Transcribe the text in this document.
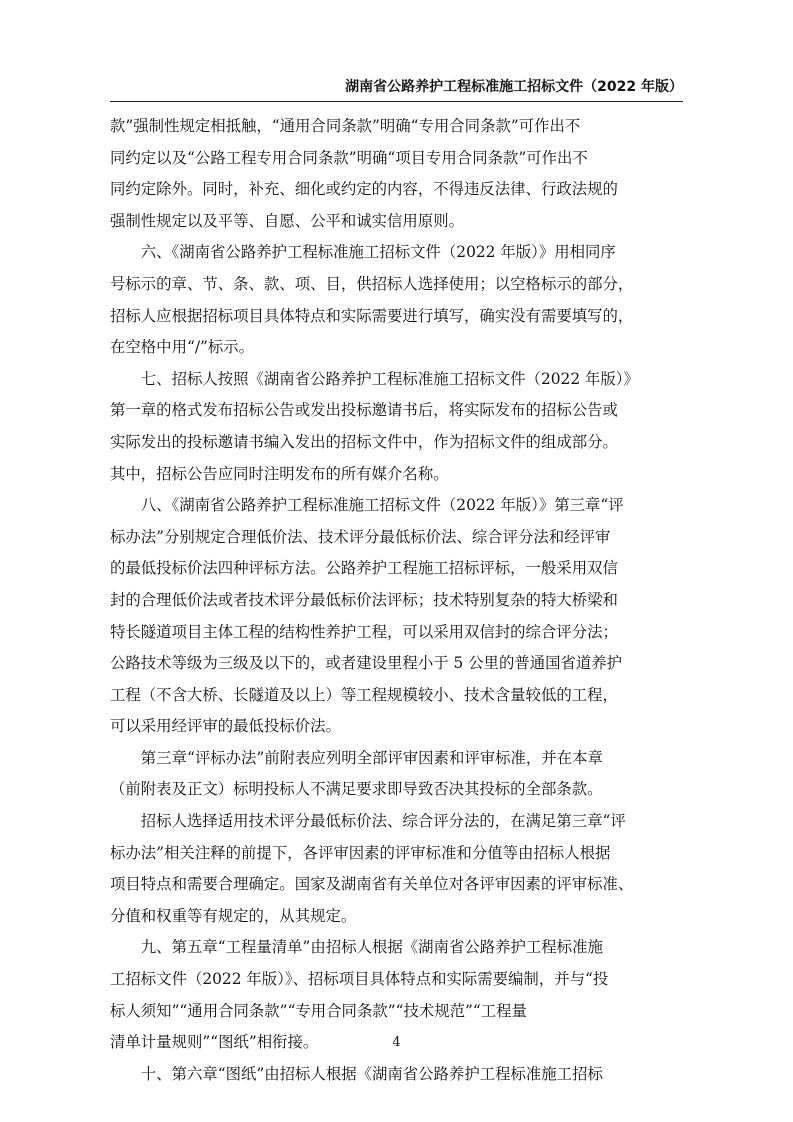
湖南省公路养护工程标准施工招标文件（2022 年版）

款”强制性规定相抵触，“通用合同条款”明确“专用合同条款”可作出不

同约定以及“公路工程专用合同条款”明确“项目专用合同条款”可作出不

同约定除外。同时，补充、细化或约定的内容，不得违反法律、行政法规的

强制性规定以及平等、自愿、公平和诚实信用原则。

　　六、《湖南省公路养护工程标准施工招标文件（2022 年版）》用相同序

号标示的章、节、条、款、项、目，供招标人选择使用；以空格标示的部分，

招标人应根据招标项目具体特点和实际需要进行填写，确实没有需要填写的，

在空格中用“/”标示。

　　七、招标人按照《湖南省公路养护工程标准施工招标文件（2022 年版）》

第一章的格式发布招标公告或发出投标邀请书后，将实际发布的招标公告或

实际发出的投标邀请书编入发出的招标文件中，作为招标文件的组成部分。

其中，招标公告应同时注明发布的所有媒介名称。

　　八、《湖南省公路养护工程标准施工招标文件（2022 年版）》第三章“评

标办法”分别规定合理低价法、技术评分最低标价法、综合评分法和经评审

的最低投标价法四种评标方法。公路养护工程施工招标评标，一般采用双信

封的合理低价法或者技术评分最低标价法评标；技术特别复杂的特大桥梁和

特长隧道项目主体工程的结构性养护工程，可以采用双信封的综合评分法；

公路技术等级为三级及以下的，或者建设里程小于 5 公里的普通国省道养护

工程（不含大桥、长隧道及以上）等工程规模较小、技术含量较低的工程，

可以采用经评审的最低投标价法。

　　第三章“评标办法”前附表应列明全部评审因素和评审标准，并在本章

（前附表及正文）标明投标人不满足要求即导致否决其投标的全部条款。

　　招标人选择适用技术评分最低标价法、综合评分法的，在满足第三章“评

标办法”相关注释的前提下，各评审因素的评审标准和分值等由招标人根据

项目特点和需要合理确定。国家及湖南省有关单位对各评审因素的评审标准、

分值和权重等有规定的，从其规定。

　　九、第五章“工程量清单”由招标人根据《湖南省公路养护工程标准施

工招标文件（2022 年版）》、招标项目具体特点和实际需要编制，并与“投

标人须知”“通用合同条款”“专用合同条款”“技术规范”“工程量

清单计量规则”“图纸”相衔接。

　　十、第六章“图纸”由招标人根据《湖南省公路养护工程标准施工招标

4
